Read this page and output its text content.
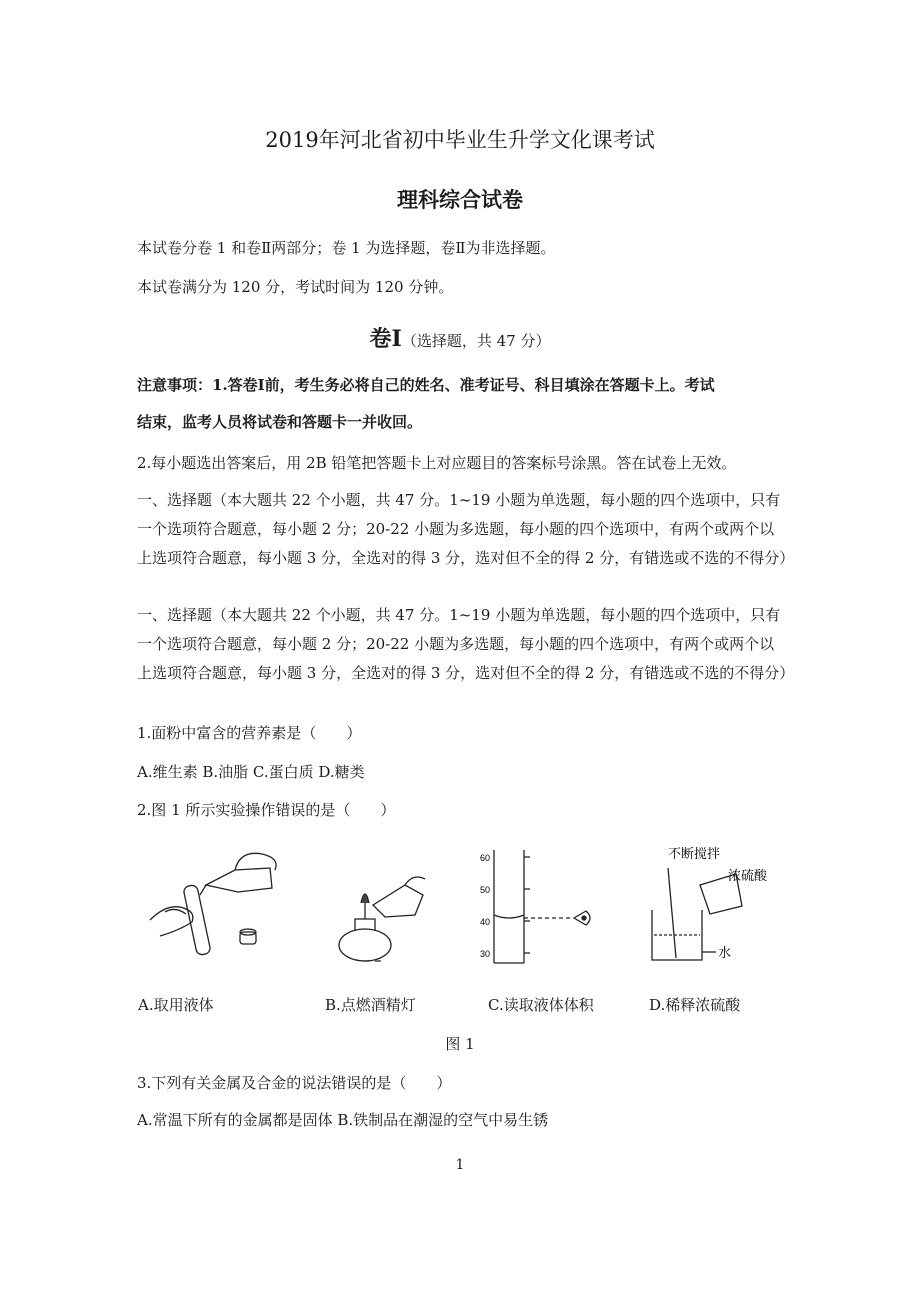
2019年河北省初中毕业生升学文化课考试
理科综合试卷
本试卷分卷 1 和卷Ⅱ两部分；卷 1 为选择题，卷Ⅱ为非选择题。
本试卷满分为 120 分，考试时间为 120 分钟。
卷Ⅰ（选择题，共 47 分）
注意事项：1.答卷Ⅰ前，考生务必将自己的姓名、准考证号、科目填涂在答题卡上。考试
结束，监考人员将试卷和答题卡一并收回。
2.每小题选出答案后，用 2B 铅笔把答题卡上对应题目的答案标号涂黑。答在试卷上无效。
一、选择题（本大题共 22 个小题，共 47 分。1~19 小题为单选题，每小题的四个选项中，只有一个选项符合题意，每小题 2 分；20-22 小题为多选题，每小题的四个选项中，有两个或两个以上选项符合题意，每小题 3 分，全选对的得 3 分，选对但不全的得 2 分，有错选或不选的不得分）
一、选择题（本大题共 22 个小题，共 47 分。1~19 小题为单选题，每小题的四个选项中，只有一个选项符合题意，每小题 2 分；20-22 小题为多选题，每小题的四个选项中，有两个或两个以上选项符合题意，每小题 3 分，全选对的得 3 分，选对但不全的得 2 分，有错选或不选的不得分）
1.面粉中富含的营养素是（　　）
A.维生素 B.油脂 C.蛋白质 D.糖类
2.图 1 所示实验操作错误的是（　　）
60
50
40
30
不断搅拌
浓硫酸
水
A.取用液体	B.点燃酒精灯	C.读取液体体积	D.稀释浓硫酸
图 1
3.下列有关金属及合金的说法错误的是（　　）
A.常温下所有的金属都是固体 B.铁制品在潮湿的空气中易生锈
1
